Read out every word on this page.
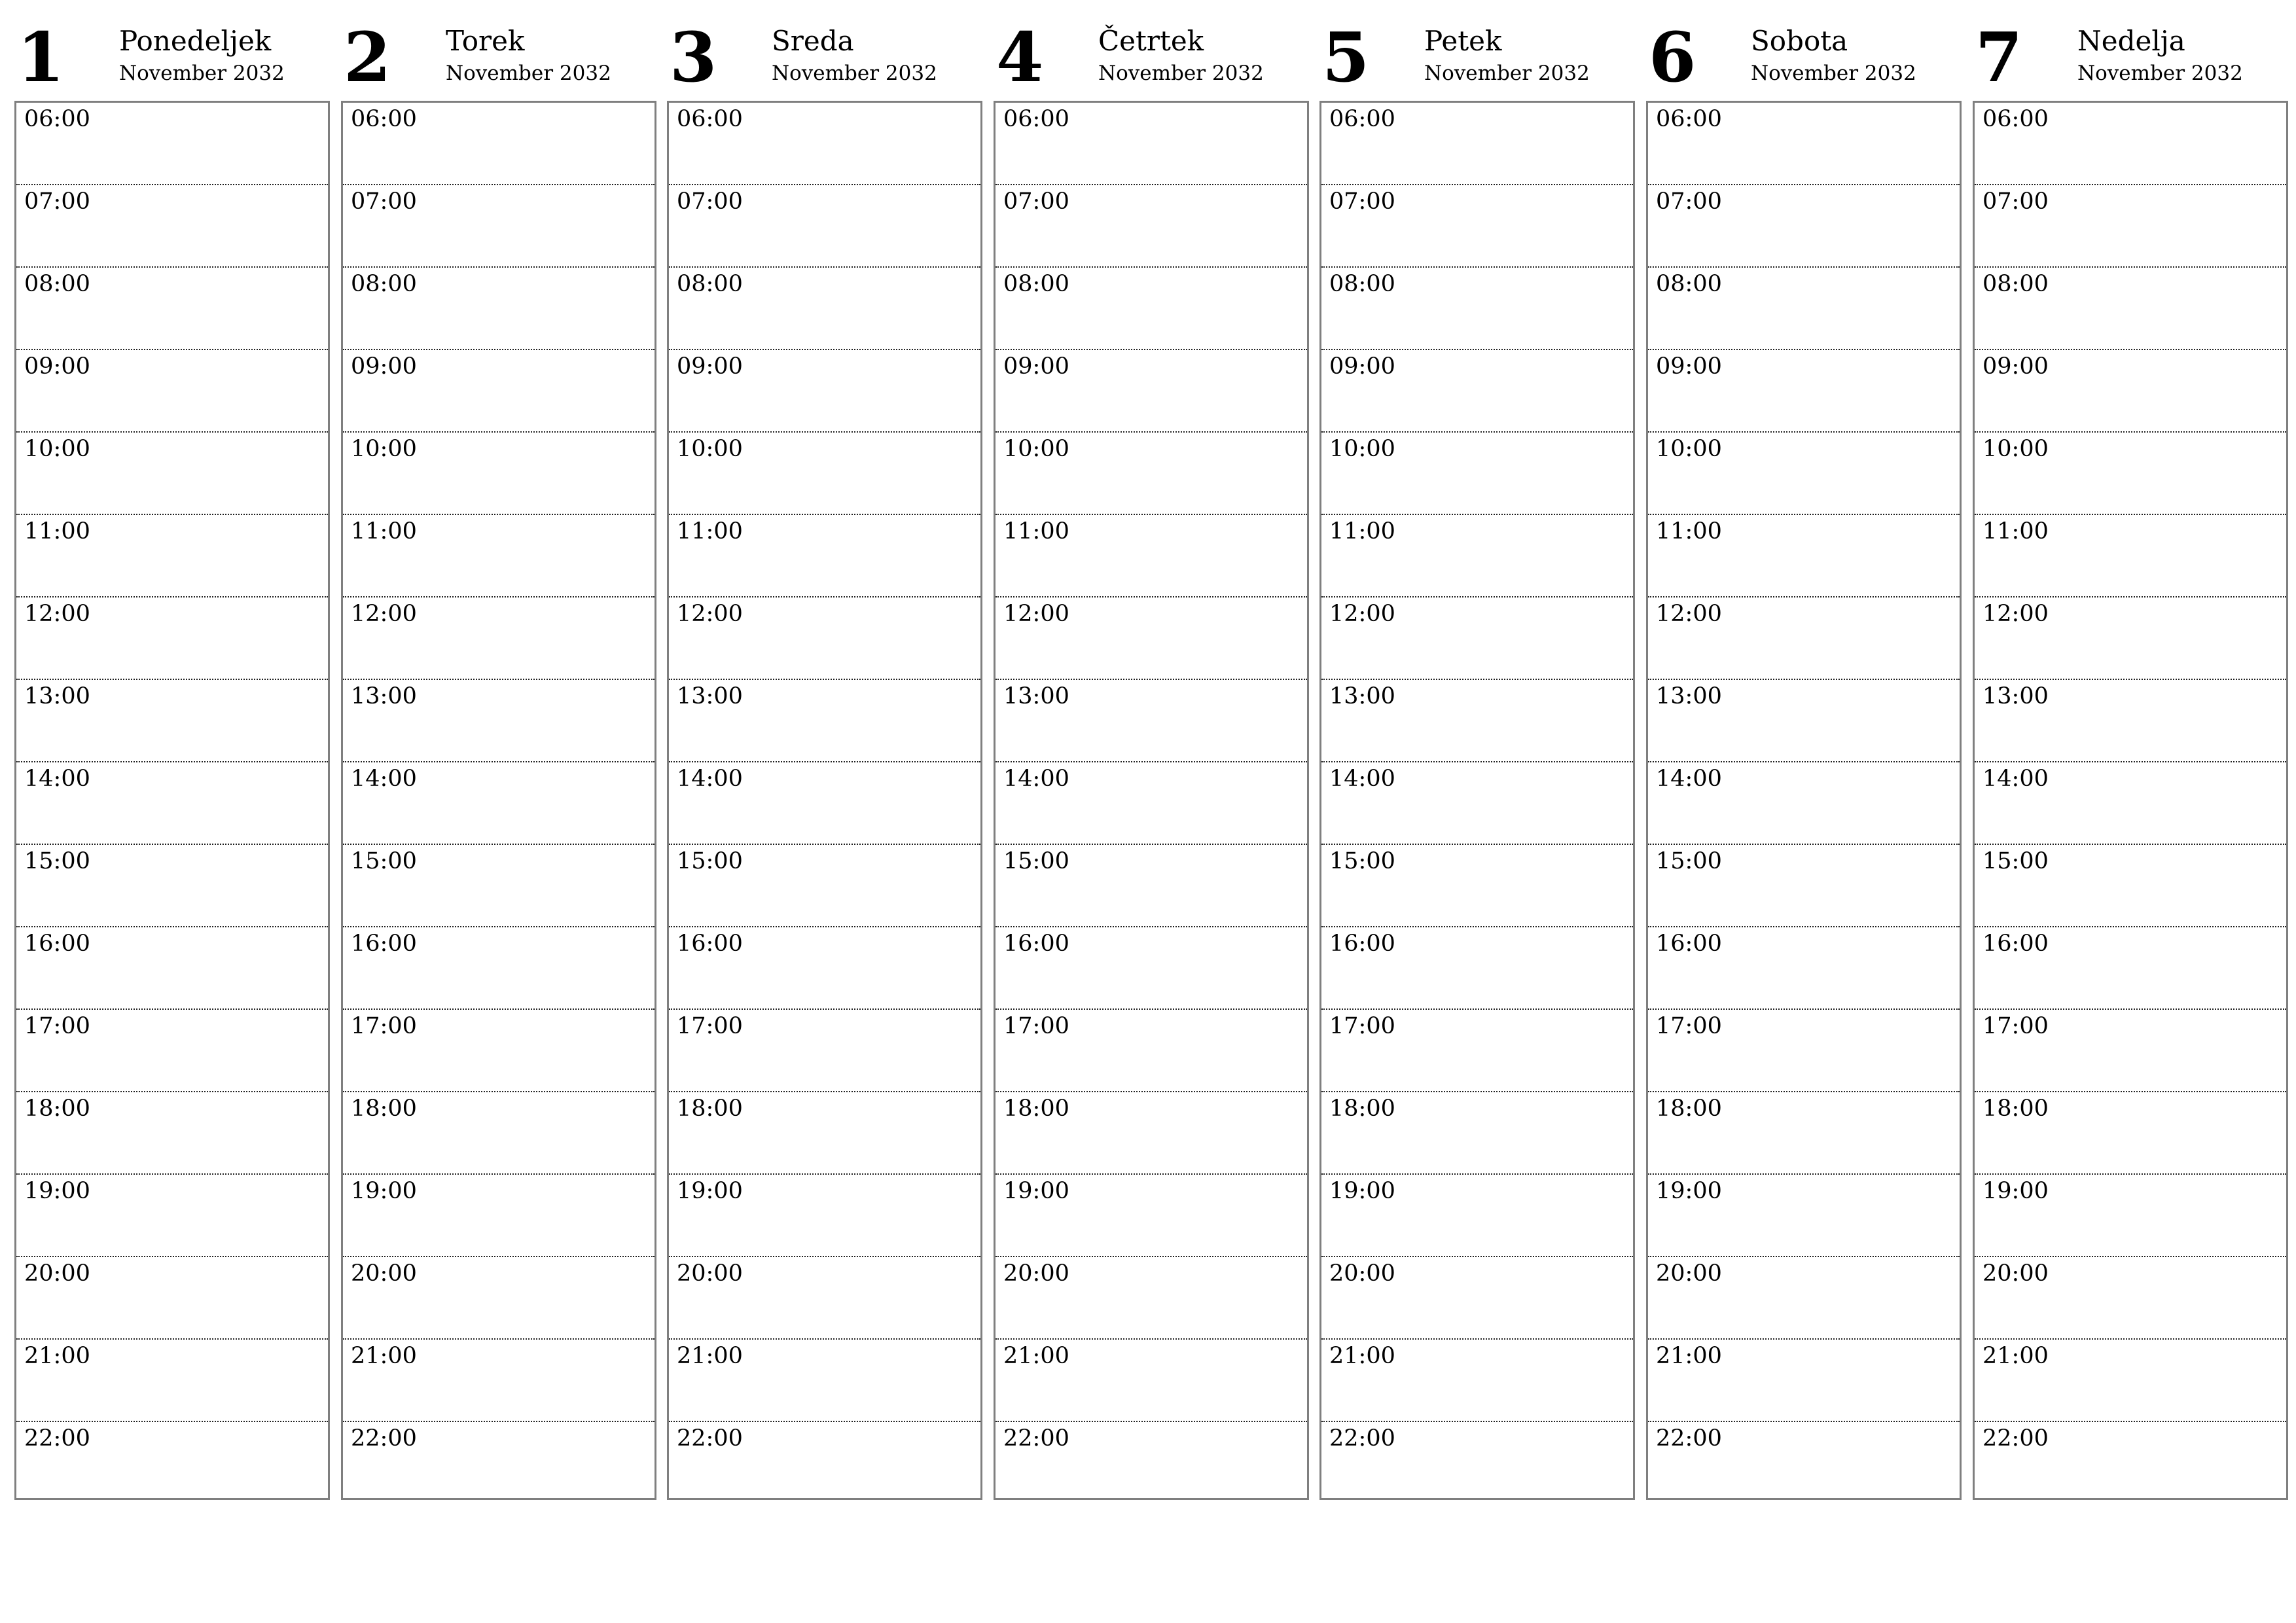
1 Ponedeljek
November 2032
06:00
07:00
08:00
09:00
10:00
11:00
12:00
13:00
14:00
15:00
16:00
17:00
18:00
19:00
20:00
21:00
22:00
2 Torek
November 2032
06:00
07:00
08:00
09:00
10:00
11:00
12:00
13:00
14:00
15:00
16:00
17:00
18:00
19:00
20:00
21:00
22:00
3 Sreda
November 2032
06:00
07:00
08:00
09:00
10:00
11:00
12:00
13:00
14:00
15:00
16:00
17:00
18:00
19:00
20:00
21:00
22:00
4 Četrtek
November 2032
06:00
07:00
08:00
09:00
10:00
11:00
12:00
13:00
14:00
15:00
16:00
17:00
18:00
19:00
20:00
21:00
22:00
5 Petek
November 2032
06:00
07:00
08:00
09:00
10:00
11:00
12:00
13:00
14:00
15:00
16:00
17:00
18:00
19:00
20:00
21:00
22:00
6 Sobota
November 2032
06:00
07:00
08:00
09:00
10:00
11:00
12:00
13:00
14:00
15:00
16:00
17:00
18:00
19:00
20:00
21:00
22:00
7 Nedelja
November 2032
06:00
07:00
08:00
09:00
10:00
11:00
12:00
13:00
14:00
15:00
16:00
17:00
18:00
19:00
20:00
21:00
22:00
